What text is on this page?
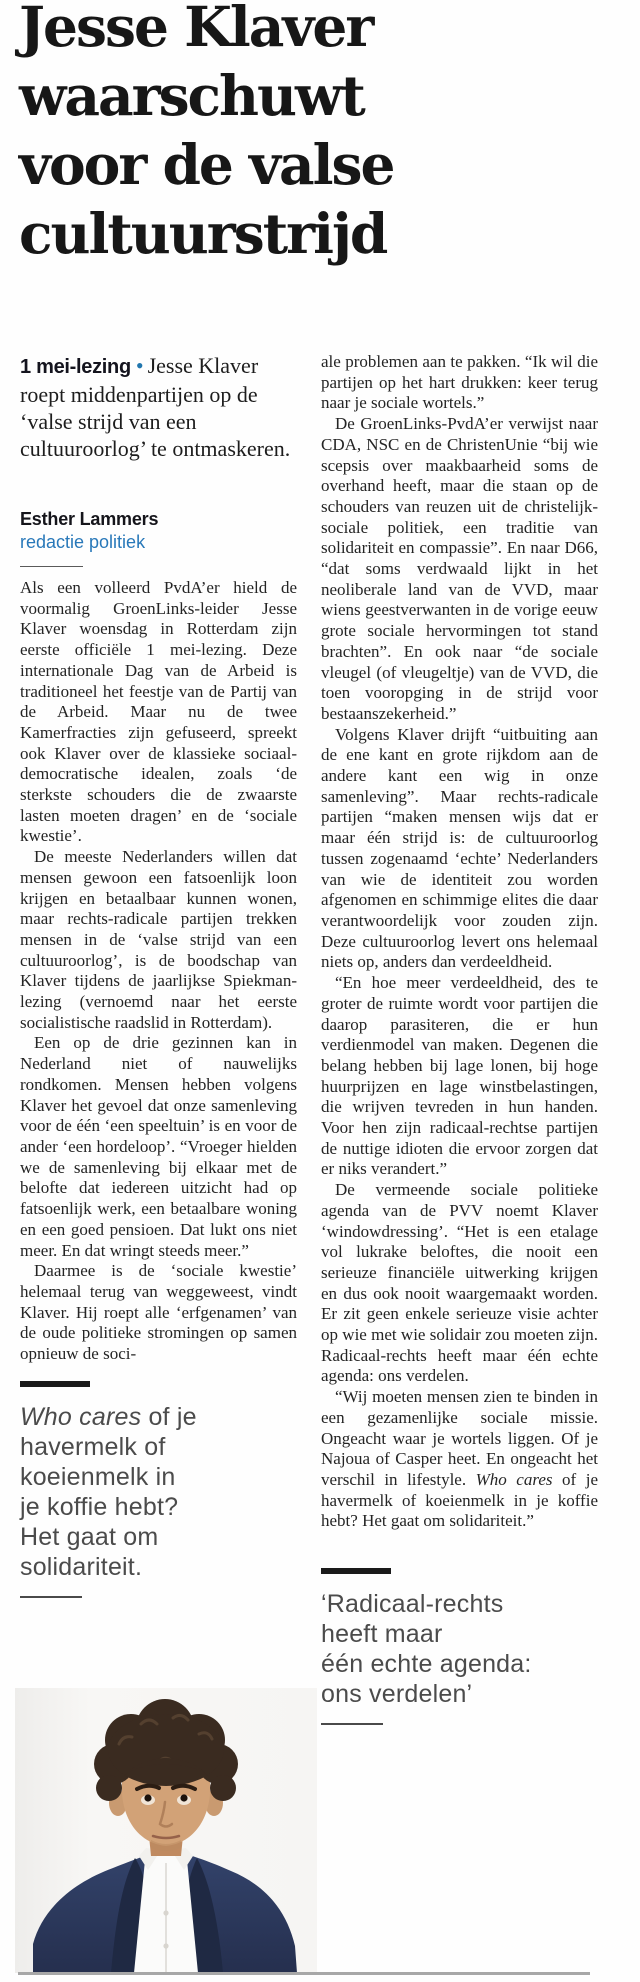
Jesse Klaver
waarschuwt
voor de valse
cultuurstrijd

1 mei-lezing • Jesse Klaver roept middenpartijen op de ‘valse strijd van een cultuuroorlog’ te ontmaskeren.

Esther Lammers
redactie politiek

Als een volleerd PvdA’er hield de voormalig GroenLinks-leider Jesse Klaver woensdag in Rotterdam zijn eerste officiële 1 mei-lezing. Deze internationale Dag van de Arbeid is traditioneel het feestje van de Partij van de Arbeid. Maar nu de twee Kamerfracties zijn gefuseerd, spreekt ook Klaver over de klassieke sociaal-democratische idealen, zoals ‘de sterkste schouders die de zwaarste lasten moeten dragen’ en de ‘sociale kwestie’.

De meeste Nederlanders willen dat mensen gewoon een fatsoenlijk loon krijgen en betaalbaar kunnen wonen, maar rechts-radicale partijen trekken mensen in de ‘valse strijd van een cultuuroorlog’, is de boodschap van Klaver tijdens de jaarlijkse Spiekman-lezing (vernoemd naar het eerste socialistische raadslid in Rotterdam).

Een op de drie gezinnen kan in Nederland niet of nauwelijks rondkomen. Mensen hebben volgens Klaver het gevoel dat onze samenleving voor de één ‘een speeltuin’ is en voor de ander ‘een hordeloop’. “Vroeger hielden we de samenleving bij elkaar met de belofte dat iedereen uitzicht had op fatsoenlijk werk, een betaalbare woning en een goed pensioen. Dat lukt ons niet meer. En dat wringt steeds meer.”

Daarmee is de ‘sociale kwestie’ helemaal terug van weggeweest, vindt Klaver. Hij roept alle ‘erfgenamen’ van de oude politieke stromingen op samen opnieuw de soci-

Who cares of je
havermelk of
koeienmelk in
je koffie hebt?
Het gaat om
solidariteit.

ale problemen aan te pakken. “Ik wil die partijen op het hart drukken: keer terug naar je sociale wortels.”

De GroenLinks-PvdA’er verwijst naar CDA, NSC en de ChristenUnie “bij wie scepsis over maakbaarheid soms de overhand heeft, maar die staan op de schouders van reuzen uit de christelijk-sociale politiek, een traditie van solidariteit en compassie”. En naar D66, “dat soms verdwaald lijkt in het neoliberale land van de VVD, maar wiens geestverwanten in de vorige eeuw grote sociale hervormingen tot stand brachten”. En ook naar “de sociale vleugel (of vleugeltje) van de VVD, die toen vooropging in de strijd voor bestaanszekerheid.”

Volgens Klaver drijft “uitbuiting aan de ene kant en grote rijkdom aan de andere kant een wig in onze samenleving”. Maar rechts-radicale partijen “maken mensen wijs dat er maar één strijd is: de cultuuroorlog tussen zogenaamd ‘echte’ Nederlanders van wie de identiteit zou worden afgenomen en schimmige elites die daar verantwoordelijk voor zouden zijn. Deze cultuuroorlog levert ons helemaal niets op, anders dan verdeeldheid.

“En hoe meer verdeeldheid, des te groter de ruimte wordt voor partijen die daarop parasiteren, die er hun verdienmodel van maken. Degenen die belang hebben bij lage lonen, bij hoge huurprijzen en lage winstbelastingen, die wrijven tevreden in hun handen. Voor hen zijn radicaal-rechtse partijen de nuttige idioten die ervoor zorgen dat er niks verandert.”

De vermeende sociale politieke agenda van de PVV noemt Klaver ‘windowdressing’. “Het is een etalage vol lukrake beloftes, die nooit een serieuze financiële uitwerking krijgen en dus ook nooit waargemaakt worden. Er zit geen enkele serieuze visie achter op wie met wie solidair zou moeten zijn. Radicaal-rechts heeft maar één echte agenda: ons verdelen.

“Wij moeten mensen zien te binden in een gezamenlijke sociale missie. Ongeacht waar je wortels liggen. Of je Najoua of Casper heet. En ongeacht het verschil in lifestyle. Who cares of je havermelk of koeienmelk in je koffie hebt? Het gaat om solidariteit.”

‘Radicaal-rechts
heeft maar
één echte agenda:
ons verdelen’
